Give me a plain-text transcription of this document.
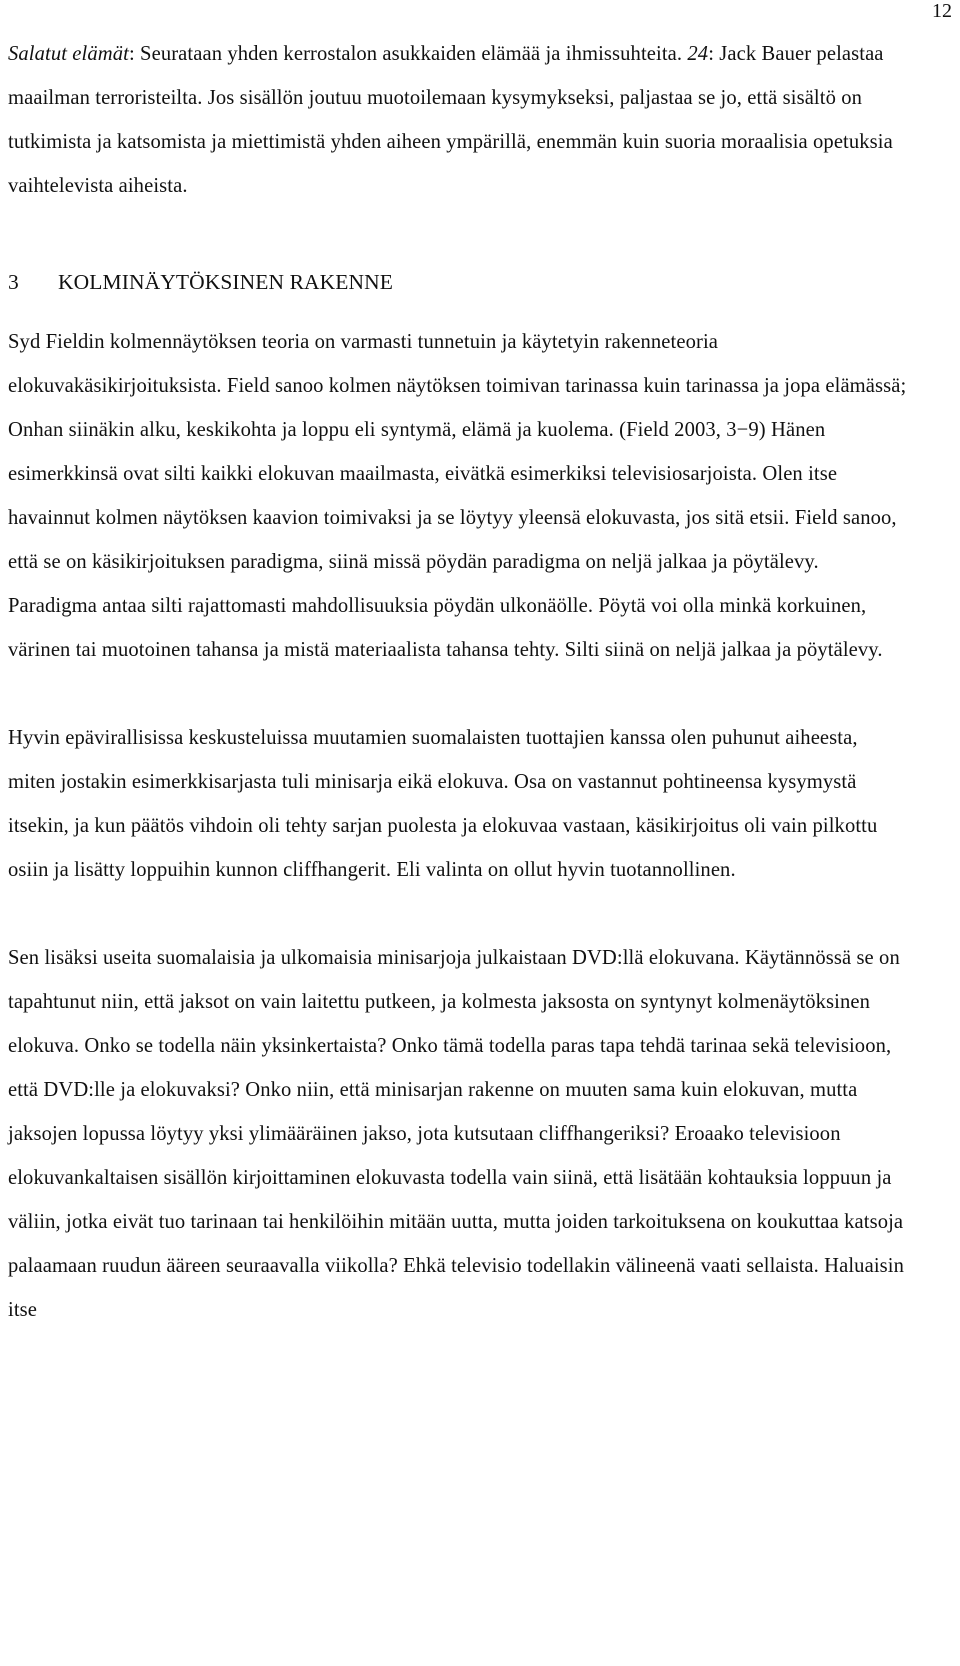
12

Salatut elämät: Seurataan yhden kerrostalon asukkaiden elämää ja ihmissuhteita. 24: Jack Bauer pelastaa maailman terroristeilta. Jos sisällön joutuu muotoilemaan kysymykseksi, paljastaa se jo, että sisältö on tutkimista ja katsomista ja miettimistä yhden aiheen ympärillä, enemmän kuin suoria moraalisia opetuksia vaihtelevista aiheista.

3 KOLMINÄYTÖKSINEN RAKENNE

Syd Fieldin kolmennäytöksen teoria on varmasti tunnetuin ja käytetyin rakenneteoria elokuvakäsikirjoituksista. Field sanoo kolmen näytöksen toimivan tarinassa kuin tarinassa ja jopa elämässä; Onhan siinäkin alku, keskikohta ja loppu eli syntymä, elämä ja kuolema. (Field 2003, 3−9) Hänen esimerkkinsä ovat silti kaikki elokuvan maailmasta, eivätkä esimerkiksi televisiosarjoista. Olen itse havainnut kolmen näytöksen kaavion toimivaksi ja se löytyy yleensä elokuvasta, jos sitä etsii. Field sanoo, että se on käsikirjoituksen paradigma, siinä missä pöydän paradigma on neljä jalkaa ja pöytälevy. Paradigma antaa silti rajattomasti mahdollisuuksia pöydän ulkonäölle. Pöytä voi olla minkä korkuinen, värinen tai muotoinen tahansa ja mistä materiaalista tahansa tehty. Silti siinä on neljä jalkaa ja pöytälevy.

Hyvin epävirallisissa keskusteluissa muutamien suomalaisten tuottajien kanssa olen puhunut aiheesta, miten jostakin esimerkkisarjasta tuli minisarja eikä elokuva. Osa on vastannut pohtineensa kysymystä itsekin, ja kun päätös vihdoin oli tehty sarjan puolesta ja elokuvaa vastaan, käsikirjoitus oli vain pilkottu osiin ja lisätty loppuihin kunnon cliffhangerit. Eli valinta on ollut hyvin tuotannollinen.

Sen lisäksi useita suomalaisia ja ulkomaisia minisarjoja julkaistaan DVD:llä elokuvana. Käytännössä se on tapahtunut niin, että jaksot on vain laitettu putkeen, ja kolmesta jaksosta on syntynyt kolmenäytöksinen elokuva. Onko se todella näin yksinkertaista? Onko tämä todella paras tapa tehdä tarinaa sekä televisioon, että DVD:lle ja elokuvaksi? Onko niin, että minisarjan rakenne on muuten sama kuin elokuvan, mutta jaksojen lopussa löytyy yksi ylimääräinen jakso, jota kutsutaan cliffhangeriksi? Eroaako televisioon elokuvankaltaisen sisällön kirjoittaminen elokuvasta todella vain siinä, että lisätään kohtauksia loppuun ja väliin, jotka eivät tuo tarinaan tai henkilöihin mitään uutta, mutta joiden tarkoituksena on koukuttaa katsoja palaamaan ruudun ääreen seuraavalla viikolla? Ehkä televisio todellakin välineenä vaati sellaista. Haluaisin itse
